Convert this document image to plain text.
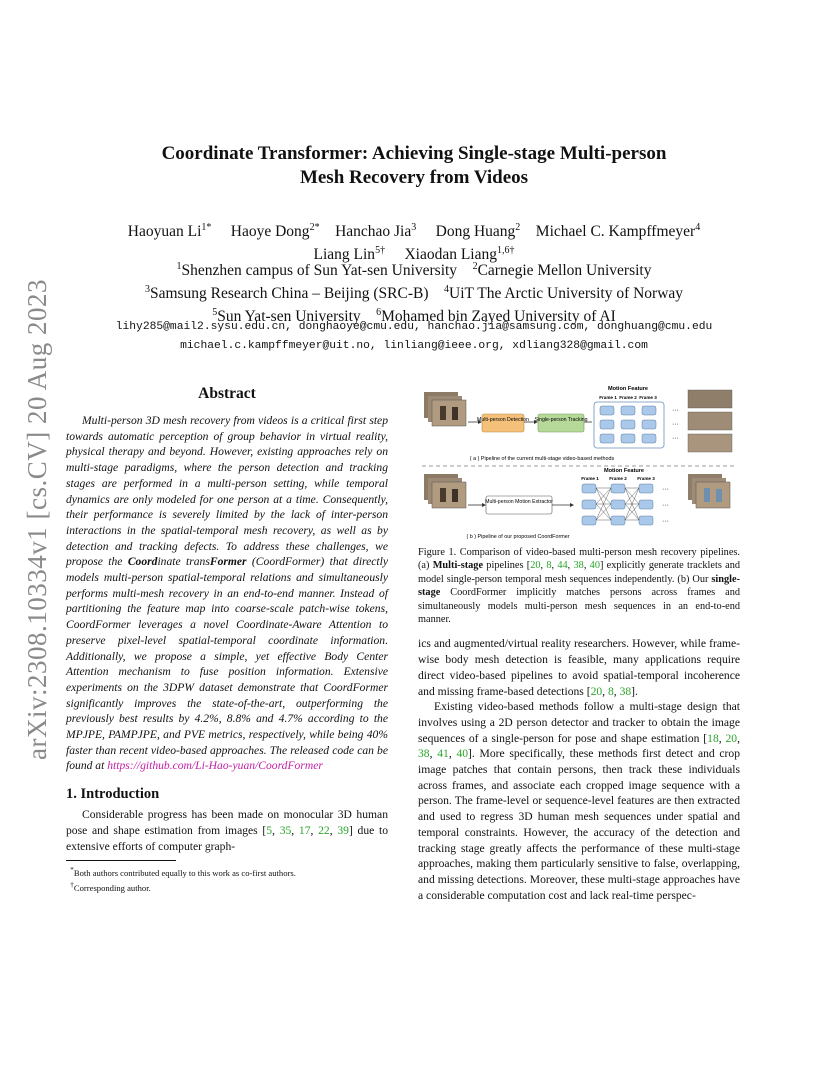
arXiv:2308.10334v1 [cs.CV] 20 Aug 2023
Coordinate Transformer: Achieving Single-stage Multi-person
Mesh Recovery from Videos
Haoyuan $Li^{1*}$ Haoye Dong$^{2*}$ Hanchao Jia$^3$ Dong Huang$^2$ Michael C. Kampffmeyer$^4$
Liang Lin$^{5\dagger}$ Xiaodan Liang$^{1,6\dagger}$
$^1$Shenzhen campus of Sun Yat-sen University $^2$Carnegie Mellon University
$^3$Samsung Research China – Beijing (SRC-B) $^4$UiT The Arctic University of Norway
$^5$Sun Yat-sen University $^6$Mohamed bin Zayed University of AI
lihy285@mail2.sysu.edu.cn, donghaoye@cmu.edu, hanchao.jia@samsung.com, donghuang@cmu.edu
michael.c.kampffmeyer@uit.no, linliang@ieee.org, xdliang328@gmail.com
Abstract

Multi-person 3D mesh recovery from videos is a critical first step towards automatic perception of group behavior in virtual reality, physical therapy and beyond. However, existing approaches rely on multi-stage paradigms, where the person detection and tracking stages are performed in a multi-person setting, while temporal dynamics are only modeled for one person at a time. Consequently, their performance is severely limited by the lack of inter-person interactions in the spatial-temporal mesh recovery, as well as by detection and tracking defects. To address these challenges, we propose the Coordinate transFormer (CoordFormer) that directly models multi-person spatial-temporal relations and simultaneously performs multi-mesh recovery in an end-to-end manner. Instead of partitioning the feature map into coarse-scale patch-wise tokens, CoordFormer leverages a novel Coordinate-Aware Attention to preserve pixel-level spatial-temporal coordinate information. Additionally, we propose a simple, yet effective Body Center Attention mechanism to fuse position information. Extensive experiments on the 3DPW dataset demonstrate that CoordFormer significantly improves the state-of-the-art, outperforming the previously best results by 4.2%, 8.8% and 4.7% according to the MPJPE, PAMPJPE, and PVE metrics, respectively, while being 40% faster than recent video-based approaches. The released code can be found at https://github.com/Li-Hao-yuan/CoordFormer

1. Introduction

Considerable progress has been made on monocular 3D human pose and shape estimation from images [5, 35, 17, 22, 39] due to extensive efforts of computer graph-

*Both authors contributed equally to this work as co-first authors.

†Corresponding author.

Multi-person Detection Single-person Tracking
Motion Feature
Frame 1 Frame 2 Frame 3
···
···
···
( a ) Pipeline of the current multi-stage video-based methods
Multi-person Motion Extractor
Motion Feature
Frame 1 Frame 2 Frame 3
···
···
···
( b ) Pipeline of our proposed CoordFormer

Figure 1. Comparison of video-based multi-person mesh recovery pipelines. (a) Multi-stage pipelines [20, 8, 44, 38, 40] explicitly generate tracklets and model single-person temporal mesh sequences independently. (b) Our single-stage CoordFormer implicitly matches persons across frames and simultaneously models multi-person mesh sequences in an end-to-end manner.

ics and augmented/virtual reality researchers. However, while frame-wise body mesh detection is feasible, many applications require direct video-based pipelines to avoid spatial-temporal incoherence and missing frame-based detections [20, 8, 38].

Existing video-based methods follow a multi-stage design that involves using a 2D person detector and tracker to obtain the image sequences of a single-person for pose and shape estimation [18, 20, 38, 41, 40]. More specifically, these methods first detect and crop image patches that contain persons, then track these individuals across frames, and associate each cropped image sequence with a person. The frame-level or sequence-level features are then extracted and used to regress 3D human mesh sequences under spatial and temporal constraints. However, the accuracy of the detection and tracking stage greatly affects the performance of these multi-stage approaches, making them particularly sensitive to false, overlapping, and missing detections. Moreover, these multi-stage approaches have a considerable computation cost and lack real-time perspec-
